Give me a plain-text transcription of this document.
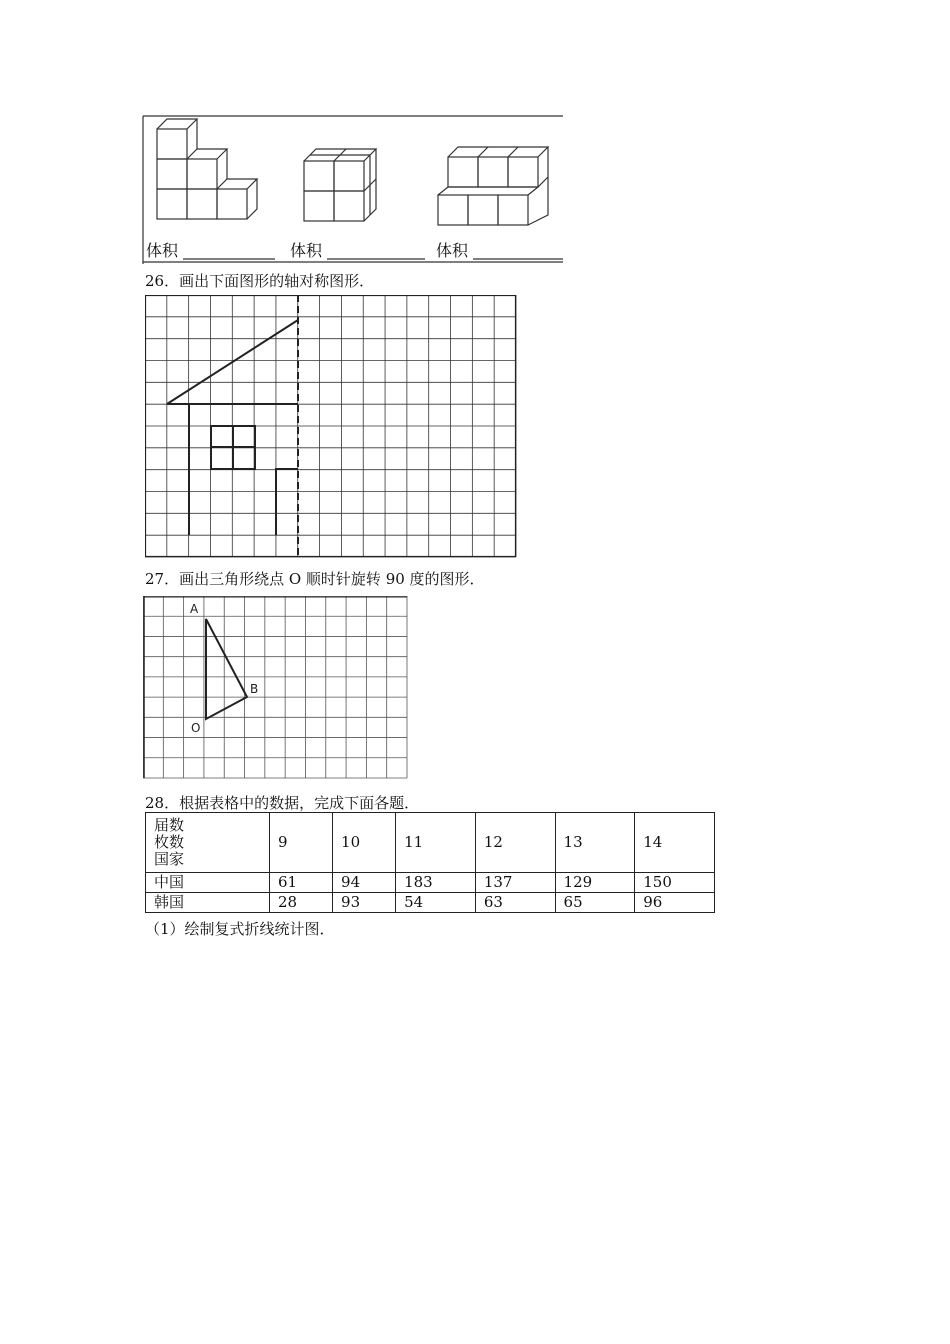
体积	体积	体积
26．画出下面图形的轴对称图形．
27．画出三角形绕点 O 顺时针旋转 90 度的图形．
A
B
O
28．根据表格中的数据，完成下面各题．
届数
枚数
国家	9	10	11	12	13	14
中国	61	94	183	137	129	150
韩国	28	93	54	63	65	96
（1）绘制复式折线统计图．
